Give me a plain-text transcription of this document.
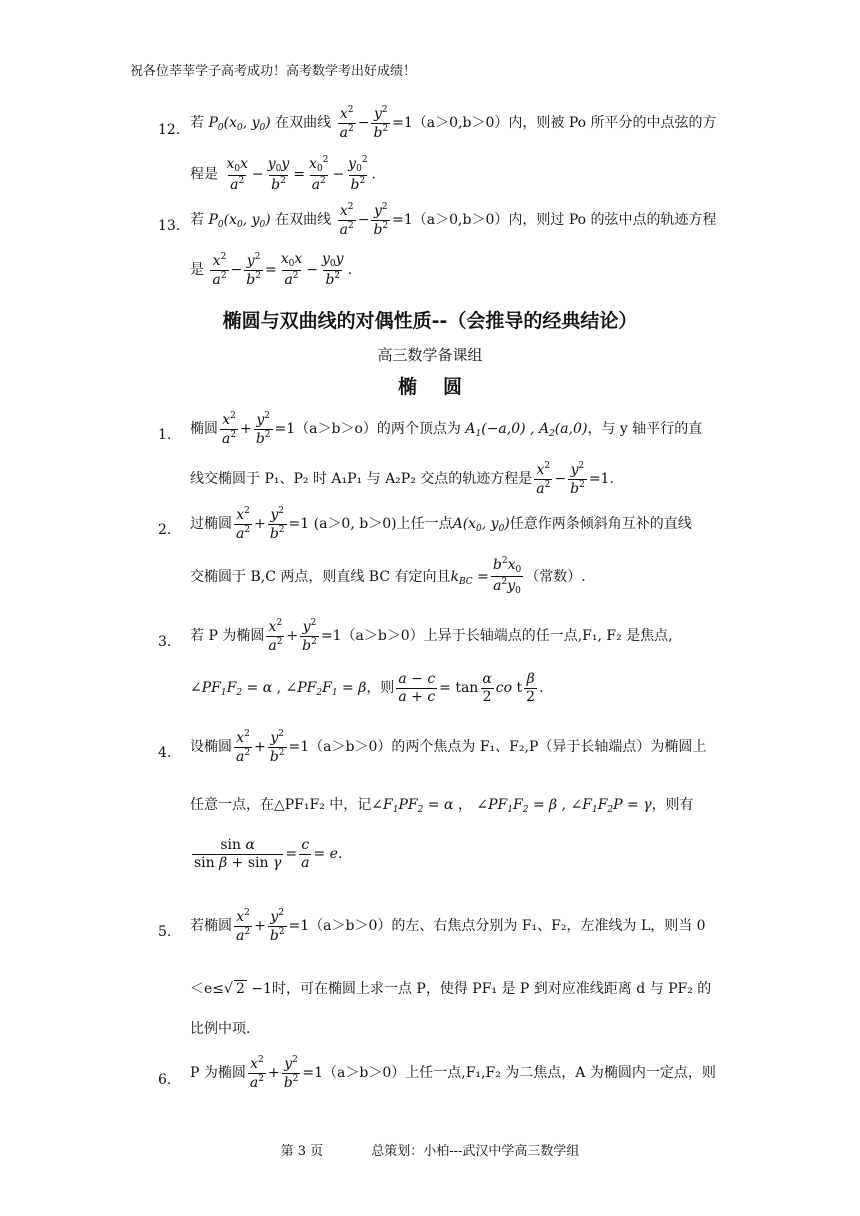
祝各位莘莘学子高考成功！高考数学考出好成绩！
12. 若 $P_0(x_0$, $y_0$) 在双曲线 $\frac{x^2}{a^2} - \frac{y^2}{b^2} =1(a>0,b>0)$内，则被 Po 所平分的中点弦的方
程是 $\frac{x_0x}{a^2} - \frac{y_0y}{b^2} = \frac{x_0^2}{a^2} - \frac{y_0^2}{b^2}$ .
13. 若 $P_0(x_0$, $y_0$) 在双曲线 $\frac{x^2}{a^2} - \frac{y^2}{b^2} =1(a>0,b>0)$内，则过 Po 的弦中点的轨迹方程
是 $\frac{x^2}{a^2} - \frac{y^2}{b^2} = \frac{x_0x}{a^2} - \frac{y_0y}{b^2}$ .
椭圆与双曲线的对偶性质--（会推导的经典结论）
高三数学备课组
椭圆
1. 椭圆 $\frac{x^2}{a^2} + \frac{y^2}{b^2} =1(a>b>o)$的两个顶点为 $A_1(-a,0)$ , $A_2(a,0)$，与 y 轴平行的直
线交椭圆于 P₁、P₂ 时 A₁P₁ 与 A₂P₂ 交点的轨迹方程是 $\frac{x^2}{a^2} - \frac{y^2}{b^2} =1$.
2. 过椭圆 $\frac{x^2}{a^2} + \frac{y^2}{b^2} =1$ (a＞0, b＞0)上任一点$A(x_0$, $y_0$)任意作两条倾斜角互补的直线
交椭圆于 B,C 两点，则直线 BC 有定向且$k_{BC} = \frac{b^2x_0}{a^2y_0}$ （常数）.
3. 若 P 为椭圆 $\frac{x^2}{a^2} + \frac{y^2}{b^2} =1(a>b>0)$上异于长轴端点的任一点,F₁, F₂ 是焦点,
$\angle PF_1F_2 = \alpha$ , $\angle PF_2F_1 = \beta$，则 $\frac{a - c}{a + c} = \tan \frac{\alpha}{2}$ co t $\frac{\beta}{2}$ .
4. 设椭圆 $\frac{x^2}{a^2} + \frac{y^2}{b^2} =1(a>b>0)$的两个焦点为 F₁、F₂,P（异于长轴端点）为椭圆上
任意一点，在△PF₁F₂ 中，记$\angle F_1PF_2 = \alpha$ ， $\angle PF_1F_2 = \beta$ , $\angle F_1F_2P = \gamma$，则有
$\frac{\text{sin α}}{\text{sin β + sin γ}} = \frac{c}{a} = e$.
5. 若椭圆 $\frac{x^2}{a^2} + \frac{y^2}{b^2} =1(a>b>0)$的左、右焦点分别为 F₁、F₂，左准线为 L，则当 0
＜e≤√ 2 −1时，可在椭圆上求一点 P，使得 PF₁ 是 P 到对应准线距离 d 与 PF₂ 的
比例中项.
6. P 为椭圆 $\frac{x^2}{a^2} + \frac{y^2}{b^2} =1(a>b>0)$上任一点,F₁,F₂ 为二焦点，A 为椭圆内一定点，则
第 3 页	总策划：小柏---武汉中学高三数学组
